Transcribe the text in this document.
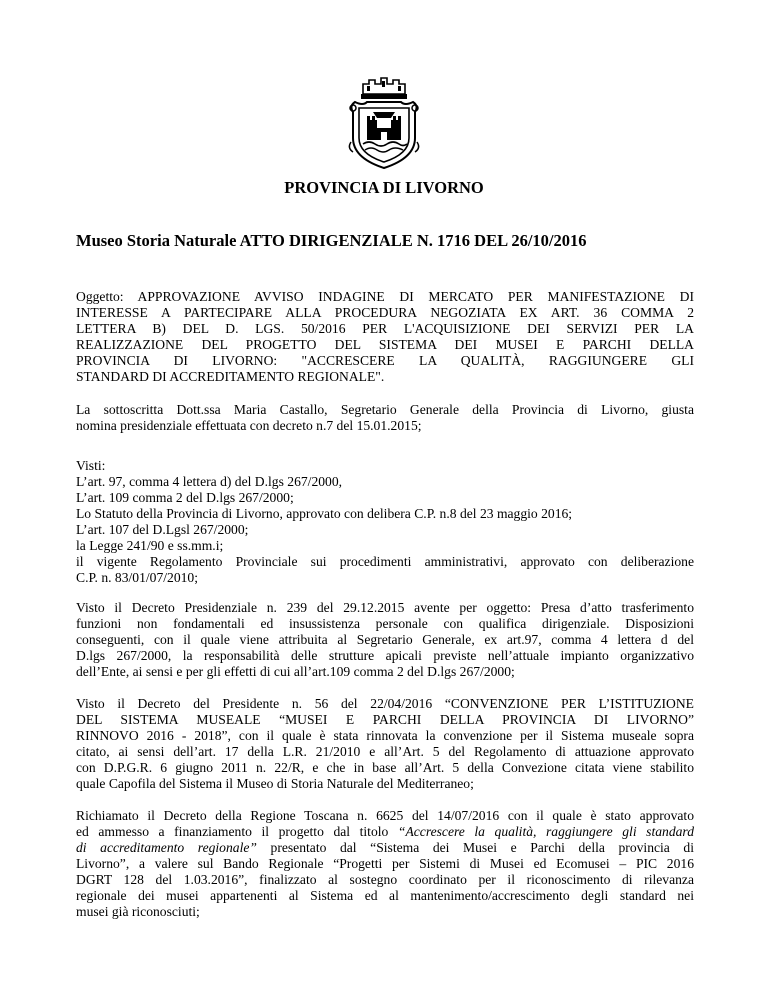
PROVINCIA DI LIVORNO
Museo Storia Naturale ATTO DIRIGENZIALE N. 1716 DEL 26/10/2016
Oggetto: APPROVAZIONE AVVISO INDAGINE DI MERCATO PER MANIFESTAZIONE DI
INTERESSE A PARTECIPARE ALLA PROCEDURA NEGOZIATA EX ART. 36 COMMA 2
LETTERA B) DEL D. LGS. 50/2016 PER L'ACQUISIZIONE DEI SERVIZI PER LA
REALIZZAZIONE DEL PROGETTO DEL SISTEMA DEI MUSEI E PARCHI DELLA
PROVINCIA DI LIVORNO: "ACCRESCERE LA QUALITÀ, RAGGIUNGERE GLI
STANDARD DI ACCREDITAMENTO REGIONALE".
La sottoscritta Dott.ssa Maria Castallo, Segretario Generale della Provincia di Livorno, giusta
nomina presidenziale effettuata con decreto n.7 del 15.01.2015;
Visti:
L’art. 97, comma 4 lettera d) del D.lgs 267/2000,
L’art. 109 comma 2 del D.lgs 267/2000;
Lo Statuto della Provincia di Livorno, approvato con delibera C.P. n.8 del 23 maggio 2016;
L’art. 107 del D.Lgsl 267/2000;
la Legge 241/90 e ss.mm.i;
il vigente Regolamento Provinciale sui procedimenti amministrativi, approvato con deliberazione
C.P. n. 83/01/07/2010;
Visto il Decreto Presidenziale n. 239 del 29.12.2015 avente per oggetto: Presa d’atto trasferimento
funzioni non fondamentali ed insussistenza personale con qualifica dirigenziale. Disposizioni
conseguenti, con il quale viene attribuita al Segretario Generale, ex art.97, comma 4 lettera d del
D.lgs 267/2000, la responsabilità delle strutture apicali previste nell’attuale impianto organizzativo
dell’Ente, ai sensi e per gli effetti di cui all’art.109 comma 2 del D.lgs 267/2000;
Visto il Decreto del Presidente n. 56 del 22/04/2016 “CONVENZIONE PER L’ISTITUZIONE
DEL SISTEMA MUSEALE “MUSEI E PARCHI DELLA PROVINCIA DI LIVORNO”
RINNOVO 2016 - 2018”, con il quale è stata rinnovata la convenzione per il Sistema museale sopra
citato, ai sensi dell’art. 17 della L.R. 21/2010 e all’Art. 5 del Regolamento di attuazione approvato
con D.P.G.R. 6 giugno 2011 n. 22/R, e che in base all’Art. 5 della Convezione citata viene stabilito
quale Capofila del Sistema il Museo di Storia Naturale del Mediterraneo;
Richiamato il Decreto della Regione Toscana n. 6625 del 14/07/2016 con il quale è stato approvato
ed ammesso a finanziamento il progetto dal titolo “Accrescere la qualità, raggiungere gli standard
di accreditamento regionale” presentato dal “Sistema dei Musei e Parchi della provincia di
Livorno”, a valere sul Bando Regionale “Progetti per Sistemi di Musei ed Ecomusei – PIC 2016
DGRT 128 del 1.03.2016”, finalizzato al sostegno coordinato per il riconoscimento di rilevanza
regionale dei musei appartenenti al Sistema ed al mantenimento/accrescimento degli standard nei
musei già riconosciuti;
